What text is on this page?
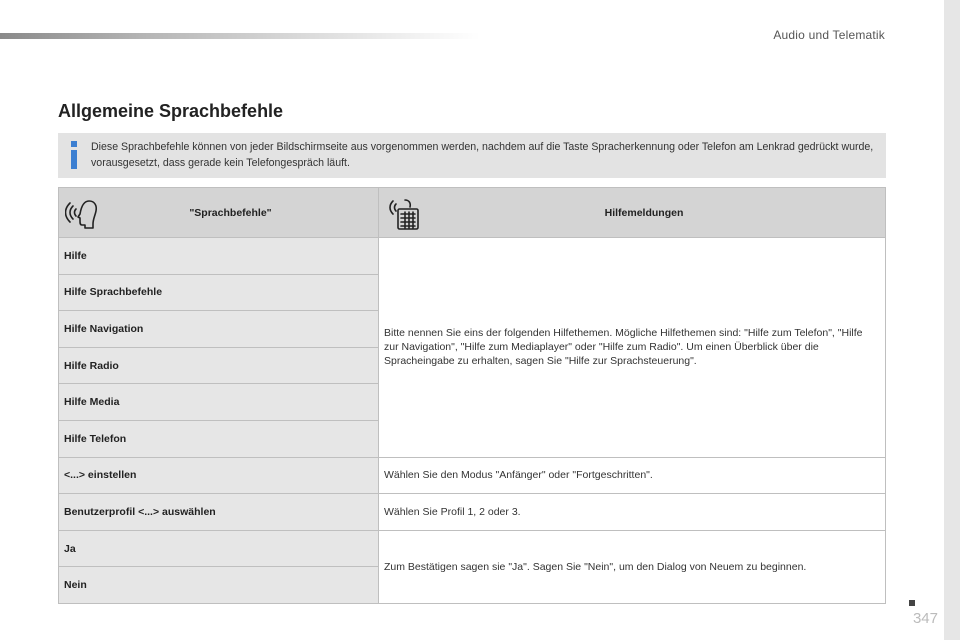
Audio und Telematik
Allgemeine Sprachbefehle
Diese Sprachbefehle können von jeder Bildschirmseite aus vorgenommen werden, nachdem auf die Taste Spracherkennung oder Telefon am Lenkrad gedrückt wurde, vorausgesetzt, dass gerade kein Telefongespräch läuft.
"Sprachbefehle"	Hilfemeldungen

Hilfe	Bitte nennen Sie eins der folgenden Hilfethemen. Mögliche Hilfethemen sind: "Hilfe zum Telefon", "Hilfe zur Navigation", "Hilfe zum Mediaplayer" oder "Hilfe zum Radio". Um einen Überblick über die Spracheingabe zu erhalten, sagen Sie "Hilfe zur Sprachsteuerung".
Hilfe Sprachbefehle	
Hilfe Navigation	
Hilfe Radio	
Hilfe Media	
Hilfe Telefon	
<...> einstellen	Wählen Sie den Modus "Anfänger" oder "Fortgeschritten".
Benutzerprofil <...> auswählen	Wählen Sie Profil 1, 2 oder 3.
Ja	Zum Bestätigen sagen sie "Ja". Sagen Sie "Nein", um den Dialog von Neuem zu beginnen.
Nein	
347
